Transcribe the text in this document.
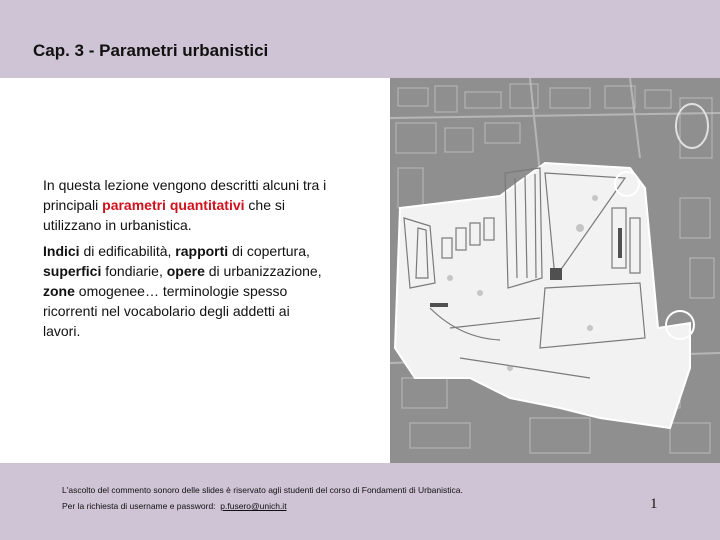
Cap. 3 - Parametri urbanistici

In questa lezione vengono descritti alcuni tra i principali parametri quantitativi che si utilizzano in urbanistica.

Indici di edificabilità, rapporti di copertura, superfici fondiarie, opere di urbanizzazione, zone omogenee… terminologie spesso ricorrenti nel vocabolario degli addetti ai lavori.

L'ascolto del commento sonoro delle slides è riservato agli studenti del corso di Fondamenti di Urbanistica.
Per la richiesta di username e password: p.fusero@unich.it	1
